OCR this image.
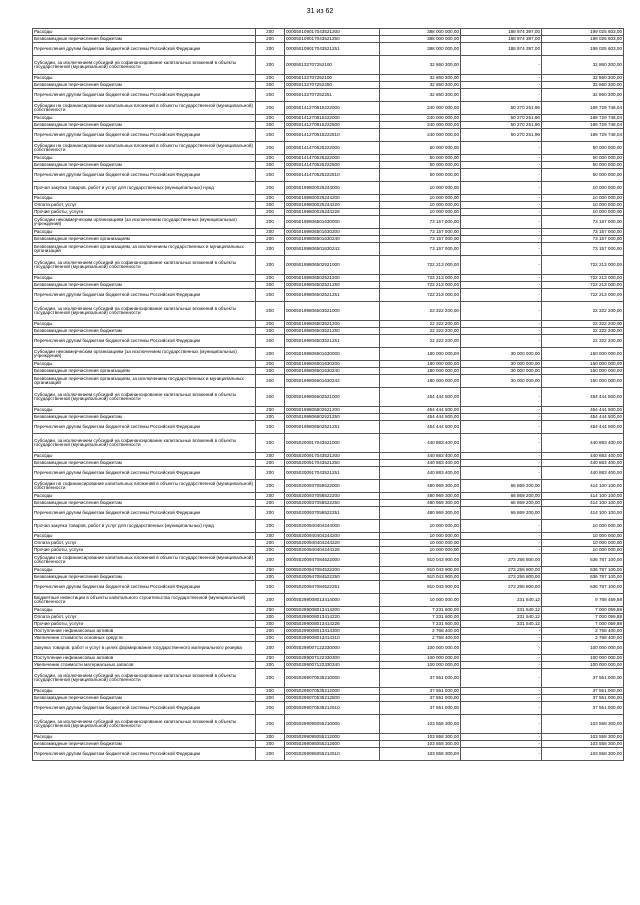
31 из 62
Расходы	200	000050109017043521200	388 000 000,00	188 974 397,00	199 025 603,00
Безвозмездные перечисления бюджетам	200	000050109017043521250	388 000 000,00	188 974 397,00	199 025 603,00
Перечисления другим бюджетам бюджетной системы Российской Федерации	200	000050109017043521251	388 000 000,00	188 974 397,00	199 025 603,00
Субсидии, за исключением субсидий на софинансирование капитальных вложений в объекты государственной (муниципальной) собственности	200	000050132707252100	32 860 300,00	-	32 860 300,00
Расходы	200	000050132707252100	32 860 300,00	-	32 860 300,00
Безвозмездные перечисления бюджетам	200	000050132707252250	32 860 300,00	-	32 860 300,00
Перечисления другим бюджетам бюджетной системы Российской Федерации	200	000050132707252251	32 860 300,00	-	32 860 300,00
Субсидии на софинансирование капитальных вложений в объекты государственной (муниципальной) собственности	200	000050141270815222000	240 000 000,00	50 270 251,96	189 729 748,04
Расходы	200	000050141270815222000	240 000 000,00	50 270 251,96	189 729 748,04
Безвозмездные перечисления бюджетам	200	000050141270615222500	240 000 000,00	50 270 251,96	189 729 748,04
Перечисления другим бюджетам бюджетной системы Российской Федерации	200	000050141270615222510	240 000 000,00	50 270 251,96	189 729 748,04
Субсидии на софинансирование капитальных вложений в объекты государственной (муниципальной) собственности	200	000050141470625222000	50 000 000,00	-	50 000 000,00
Расходы	200	000050141470625222000	50 000 000,00	-	50 000 000,00
Безвозмездные перечисления бюджетам	200	000050141470625222500	50 000 000,00	-	50 000 000,00
Перечисления другим бюджетам бюджетной системы Российской Федерации	200	000050141470625222510	50 000 000,00	-	50 000 000,00
Прочая закупка товаров, работ и услуг для государственных (муниципальных) нужд	200	000050199800025244000	10 000 000,00	-	10 000 000,00
Расходы	200	000050199800025244200	10 000 000,00	-	10 000 000,00
Оплата работ, услуг	200	000050199800025244220	10 000 000,00	-	10 000 000,00
Прочие работы, услуги	200	000050199800025244226	10 000 000,00	-	10 000 000,00
Субсидии некоммерческим организациям (за исключением государственных (муниципальных) учреждений)	200	000050199806501630000	73 157 000,00	-	73 157 000,00
Расходы	200	000050199806501630200	73 157 000,00	-	73 157 000,00
Безвозмездные перечисления организациям	200	000050199806501630240	73 157 000,00	-	73 157 000,00
Безвозмездные перечисления организациям, за исключением государственных и муниципальных организаций	200	000050199806501630242	73 157 000,00	-	73 157 000,00
Субсидии, за исключением субсидий на софинансирование капитальных вложений в объекты государственной (муниципальной) собственности	200	000050199806502521000	722 213 000,00	-	722 213 000,00
Расходы	200	000050199806502521200	722 213 000,00	-	722 213 000,00
Безвозмездные перечисления бюджетам	200	000050199806502521250	722 213 000,00	-	722 213 000,00
Перечисления другим бюджетам бюджетной системы Российской Федерации	200	000050199806502521251	722 213 000,00	-	722 213 000,00
Субсидии, за исключением субсидий на софинансирование капитальных вложений в объекты государственной (муниципальной) собственности	200	000050199806503521000	22 322 200,00	-	22 322 200,00
Расходы	200	000050199806503521200	22 322 200,00	-	22 322 200,00
Безвозмездные перечисления бюджетам	200	000050199806503521250	22 322 200,00	-	22 322 200,00
Перечисления другим бюджетам бюджетной системы Российской Федерации	200	000050199806503521251	22 322 200,00	-	22 322 200,00
Субсидии некоммерческим организациям (за исключением государственных (муниципальных) учреждений)	200	000050199806601630000	180 000 000,00	30 000 000,00	150 000 000,00
Расходы	200	000050199806601630200	180 000 000,00	30 000 000,00	150 000 000,00
Безвозмездные перечисления организациям	200	000050199806601630240	180 000 000,00	30 000 000,00	150 000 000,00
Безвозмездные перечисления организациям, за исключением государственных и муниципальных организаций	200	000050199806601630242	180 000 000,00	30 000 000,00	150 000 000,00
Субсидии, за исключением субсидий на софинансирование капитальных вложений в объекты государственной (муниципальной) собственности	200	000050199806602521000	454 444 500,00	-	454 444 500,00
Расходы	200	000050199806602521200	454 444 500,00	-	454 444 500,00
Безвозмездные перечисления бюджетам	200	000050199806602521250	454 444 500,00	-	454 444 500,00
Перечисления другим бюджетам бюджетной системы Российской Федерации	200	000050199806602521251	454 444 500,00	-	454 444 500,00
Субсидии, за исключением субсидий на софинансирование капитальных вложений в объекты государственной (муниципальной) собственности	200	000050200917043521000	440 883 400,00	-	440 883 400,00
Расходы	200	000050200917043521200	440 883 400,00	-	440 883 400,00
Безвозмездные перечисления бюджетам	200	000050200917043521250	440 883 400,00	-	440 883 400,00
Перечисления другим бюджетам бюджетной системы Российской Федерации	200	000050200917043521251	440 883 400,00	-	440 883 400,00
Субсидии на софинансирование капитальных вложений в объекты государственной (муниципальной) собственности	200	000050200937058522000	480 969 300,00	66 869 200,00	414 100 100,00
Расходы	200	000050200937058522200	480 969 300,00	66 869 200,00	414 100 100,00
Безвозмездные перечисления бюджетам	200	000050200937058522250	480 969 300,00	66 869 200,00	414 100 100,00
Перечисления другим бюджетам бюджетной системы Российской Федерации	200	000050200937058522251	480 969 300,00	66 869 200,00	414 100 100,00
Прочая закупка товаров, работ и услуг для государственных (муниципальных) нужд	200	000050200940404244000	10 000 000,00	-	10 000 000,00
Расходы	200	000050200940404244200	10 000 000,00	-	10 000 000,00
Оплата работ, услуг	200	000050200940404244220	10 000 000,00	-	10 000 000,00
Прочие работы, услуги	200	000050200940404244226	10 000 000,00	-	10 000 000,00
Субсидии на софинансирование капитальных вложений в объекты государственной (муниципальной) собственности	200	000050200947084522000	910 043 900,00	273 256 800,00	636 787 100,00
Расходы	200	000050200947084522200	910 043 900,00	273 256 800,00	636 787 100,00
Безвозмездные перечисления бюджетам	200	000050200947084522250	910 043 900,00	273 256 800,00	636 787 100,00
Перечисления другим бюджетам бюджетной системы Российской Федерации	200	000050200947084522251	910 043 900,00	273 256 800,00	636 787 100,00
Бюджетные инвестиции в объекты капитального строительства государственной (муниципальной) собственности	200	000050299008013414000	10 000 000,00	231 540,12	9 768 459,88
Расходы	200	000050299008013414200	7 231 600,00	231 540,12	7 000 059,88
Оплата работ, услуг	200	000050299008013414220	7 231 600,00	231 540,12	7 000 059,88
Прочие работы, услуги	200	000050299008013414226	7 231 600,00	231 540,12	7 000 059,88
Поступление нефинансовых активов	200	000050299008013414300	2 768 400,00	-	2 768 400,00
Увеличение стоимости основных средств	200	000050299008013414310	2 768 400,00	-	2 768 400,00
Закупка товаров, работ и услуг в целях формирования государственного материального резерва	200	000050299007122330000	100 000 000,00	-	100 000 000,00
Поступление нефинансовых активов	200	000050299007122330300	100 000 000,00	-	100 000 000,00
Увеличение стоимости материальных запасов	200	000050299007122330340	100 000 000,00	-	100 000 000,00
Субсидии, за исключением субсидий на софинансирование капитальных вложений в объекты государственной (муниципальной) собственности	200	000050299070535210000	37 551 000,00	-	37 551 000,00
Расходы	200	000050299070535212000	37 551 000,00	-	37 551 000,00
Безвозмездные перечисления бюджетам	200	000050299070535212500	37 551 000,00	-	37 551 000,00
Перечисления другим бюджетам бюджетной системы Российской Федерации	200	000050299070535212510	37 551 000,00	-	37 551 000,00
Субсидии, за исключением субсидий на софинансирование капитальных вложений в объекты государственной (муниципальной) собственности	200	000050299095055210000	103 558 300,00	-	103 558 300,00
Расходы	200	000050299095055212000	103 558 300,00	-	103 558 300,00
Безвозмездные перечисления бюджетам	200	000050299095055212500	103 558 300,00	-	103 558 300,00
Перечисления другим бюджетам бюджетной системы Российской Федерации	200	000050299095055212510	103 558 300,00	-	103 558 300,00
